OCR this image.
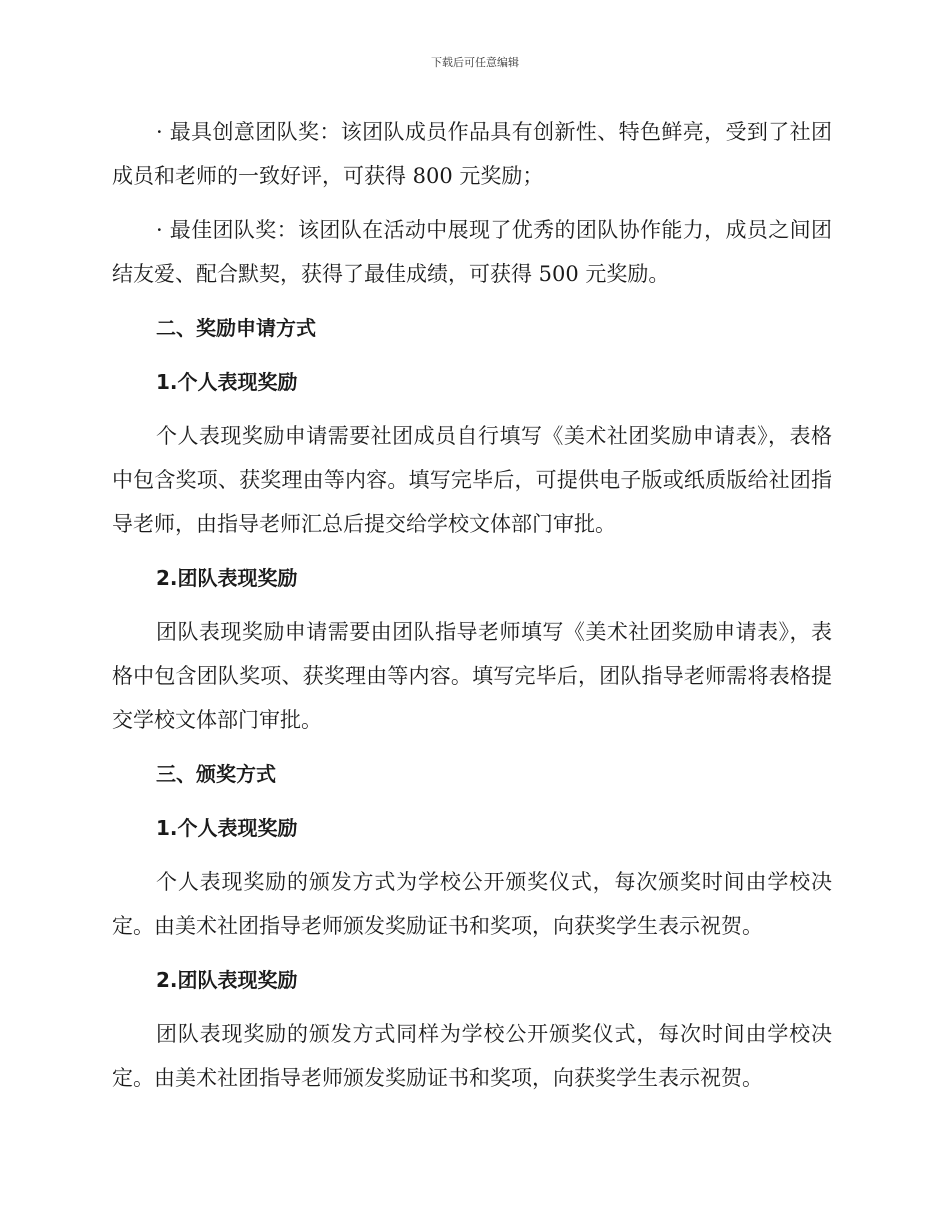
下载后可任意编辑

· 最具创意团队奖：该团队成员作品具有创新性、特色鲜亮，受到了社团成员和老师的一致好评，可获得 800 元奖励；

· 最佳团队奖：该团队在活动中展现了优秀的团队协作能力，成员之间团结友爱、配合默契，获得了最佳成绩，可获得 500 元奖励。

二、奖励申请方式
1.个人表现奖励

个人表现奖励申请需要社团成员自行填写《美术社团奖励申请表》，表格中包含奖项、获奖理由等内容。填写完毕后，可提供电子版或纸质版给社团指导老师，由指导老师汇总后提交给学校文体部门审批。

2.团队表现奖励

团队表现奖励申请需要由团队指导老师填写《美术社团奖励申请表》，表格中包含团队奖项、获奖理由等内容。填写完毕后，团队指导老师需将表格提交学校文体部门审批。

三、颁奖方式
1.个人表现奖励

个人表现奖励的颁发方式为学校公开颁奖仪式，每次颁奖时间由学校决定。由美术社团指导老师颁发奖励证书和奖项，向获奖学生表示祝贺。

2.团队表现奖励

团队表现奖励的颁发方式同样为学校公开颁奖仪式，每次时间由学校决定。由美术社团指导老师颁发奖励证书和奖项，向获奖学生表示祝贺。
